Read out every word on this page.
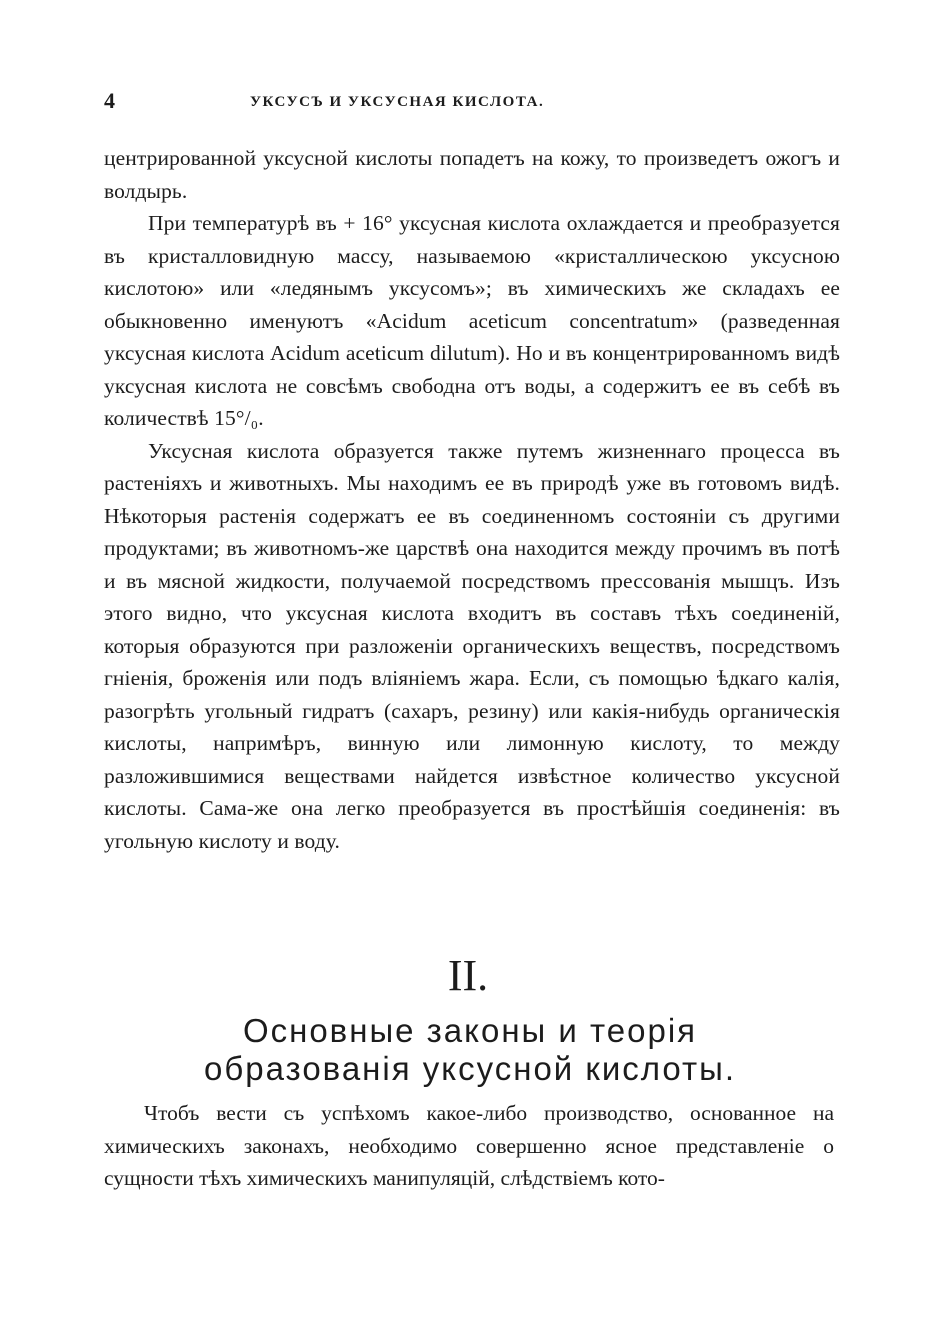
4	УКСУСЪ И УКСУСНАЯ КИСЛОТА.

центрированной уксусной кислоты попадетъ на кожу, то произведетъ ожогъ и волдырь.

При температурѣ въ + 16° уксусная кислота охлаждается и преобразуется въ кристалловидную массу, называемою «кристаллическою уксусною кислотою» или «ледянымъ уксусомъ»; въ химическихъ же складахъ ее обыкновенно именуютъ «Acidum aceticum concentratum» (разведенная уксусная кислота Acidum aceticum dilutum). Но и въ концентрированномъ видѣ уксусная кислота не совсѣмъ свободна отъ воды, а содержитъ ее въ себѣ въ количествѣ 15°/₀.

Уксусная кислота образуется также путемъ жизненнаго процесса въ растеніяхъ и животныхъ. Мы находимъ ее въ природѣ уже въ готовомъ видѣ. Нѣкоторыя растенія содержатъ ее въ соединенномъ состояніи съ другими продуктами; въ животномъ-же царствѣ она находится между прочимъ въ потѣ и въ мясной жидкости, получаемой посредствомъ прессованія мышцъ. Изъ этого видно, что уксусная кислота входитъ въ составъ тѣхъ соединеній, которыя образуются при разложеніи органическихъ веществъ, посредствомъ гніенія, броженія или подъ вліяніемъ жара. Если, съ помощью ѣдкаго калія, разогрѣть угольный гидратъ (сахаръ, резину) или какія-нибудь органическія кислоты, напримѣръ, винную или лимонную кислоту, то между разложившимися веществами найдется извѣстное количество уксусной кислоты. Сама-же она легко преобразуется въ простѣйшія соединенія: въ угольную кислоту и воду.

II.
Основные законы и теорія
образованія уксусной кислоты.

Чтобъ вести съ успѣхомъ какое-либо производство, основанное на химическихъ законахъ, необходимо совершенно ясное представленіе о сущности тѣхъ химическихъ манипуляцій, слѣдствіемъ кото-
